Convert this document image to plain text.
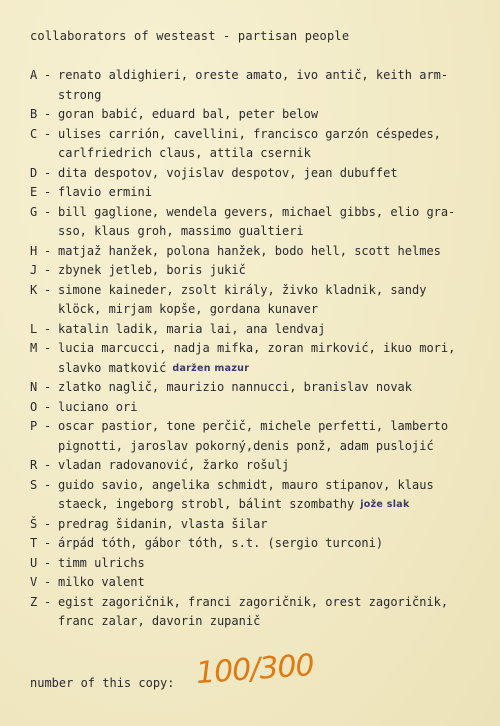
collaborators of westeast - partisan people
A - renato aldighieri, oreste amato, ivo antič, keith arm-
strong
B - goran babić, eduard bal, peter below
C - ulises carrión, cavellini, francisco garzón céspedes,
carlfriedrich claus, attila csernik
D - dita despotov, vojislav despotov, jean dubuffet
E - flavio ermini
G - bill gaglione, wendela gevers, michael gibbs, elio gra-
sso, klaus groh, massimo gualtieri
H - matjaž hanžek, polona hanžek, bodo hell, scott helmes
J - zbynek jetleb, boris jukič
K - simone kaineder, zsolt király, živko kladnik, sandy
klöck, mirjam kopše, gordana kunaver
L - katalin ladik, maria lai, ana lendvaj
M - lucia marcucci, nadja mifka, zoran mirković, ikuo mori,
slavko matković daržen mazur
N - zlatko naglič, maurizio nannucci, branislav novak
O - luciano ori
P - oscar pastior, tone perčič, michele perfetti, lamberto
pignotti, jaroslav pokorný,denis ponž, adam puslojić
R - vladan radovanović, žarko rošulj
S - guido savio, angelika schmidt, mauro stipanov, klaus
staeck, ingeborg strobl, bálint szombathy jože slak
Š - predrag šidanin, vlasta šilar
T - árpád tóth, gábor tóth, s.t. (sergio turconi)
U - timm ulrichs
V - milko valent
Z - egist zagoričnik, franci zagoričnik, orest zagoričnik,
franc zalar, davorin zupanič
number of this copy: 100/300
